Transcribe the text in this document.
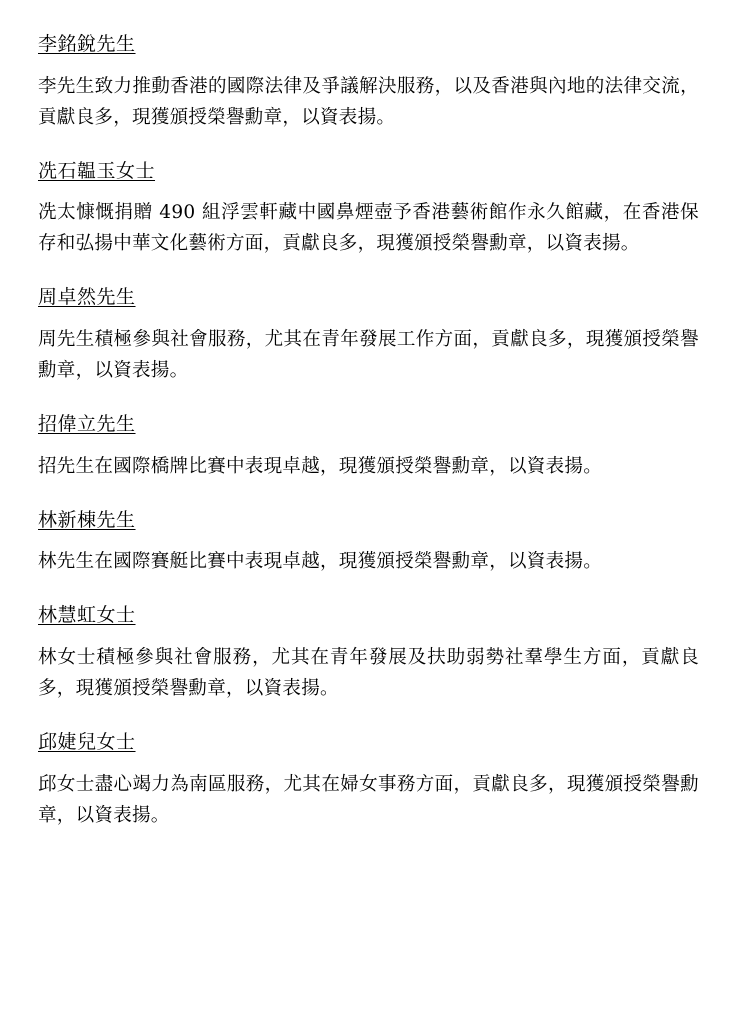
李銘銳先生
李先生致力推動香港的國際法律及爭議解決服務，以及香港與內地的法律交流，貢獻良多，現獲頒授榮譽勳章，以資表揚。
冼石韞玉女士
冼太慷慨捐贈 490 組浮雲軒藏中國鼻煙壺予香港藝術館作永久館藏，在香港保存和弘揚中華文化藝術方面，貢獻良多，現獲頒授榮譽勳章，以資表揚。
周卓然先生
周先生積極參與社會服務，尤其在青年發展工作方面，貢獻良多，現獲頒授榮譽勳章，以資表揚。
招偉立先生
招先生在國際橋牌比賽中表現卓越，現獲頒授榮譽勳章，以資表揚。
林新棟先生
林先生在國際賽艇比賽中表現卓越，現獲頒授榮譽勳章，以資表揚。
林慧虹女士
林女士積極參與社會服務，尤其在青年發展及扶助弱勢社羣學生方面，貢獻良多，現獲頒授榮譽勳章，以資表揚。
邱婕兒女士
邱女士盡心竭力為南區服務，尤其在婦女事務方面，貢獻良多，現獲頒授榮譽勳章，以資表揚。
